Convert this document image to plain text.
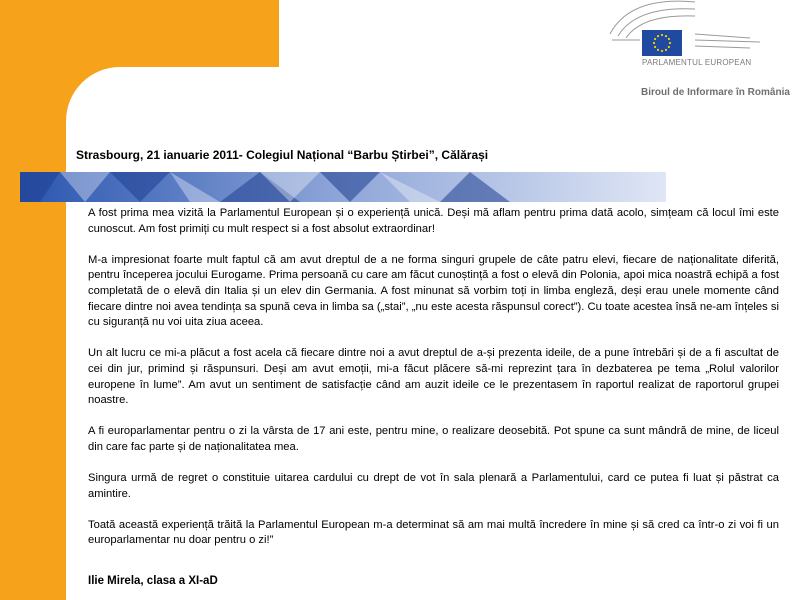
PARLAMENTUL EUROPEAN
Biroul de Informare în România
Strasbourg, 21 ianuarie 2011- Colegiul Național “Barbu Știrbei”, Călărași

A fost prima mea vizită la Parlamentul European și o experiență unică. Deși mă aflam pentru prima dată acolo, simțeam că locul îmi este cunoscut. Am fost primiți cu mult respect si a fost absolut extraordinar!

M-a impresionat foarte mult faptul că am avut dreptul de a ne forma singuri grupele de câte patru elevi, fiecare de naționalitate diferită, pentru începerea jocului Eurogame. Prima persoană cu care am făcut cunoștință a fost o elevă din Polonia, apoi mica noastră echipă a fost completată de o elevă din Italia și un elev din Germania. A fost minunat să vorbim toți in limba engleză, deși erau unele momente când fiecare dintre noi avea tendința sa spună ceva in limba sa („stai”, „nu este acesta răspunsul corect”). Cu toate acestea însă ne-am înțeles si cu siguranță nu voi uita ziua aceea.

Un alt lucru ce mi-a plăcut a fost acela că fiecare dintre noi a avut dreptul de a-și prezenta ideile, de a pune întrebări și de a fi ascultat de cei din jur, primind și răspunsuri. Deși am avut emoții, mi-a făcut plăcere să-mi reprezint țara în dezbaterea pe tema „Rolul valorilor europene în lume”. Am avut un sentiment de satisfacție când am auzit ideile ce le prezentasem în raportul realizat de raportorul grupei noastre.

A fi europarlamentar pentru o zi la vârsta de 17 ani este, pentru mine, o realizare deosebită. Pot spune ca sunt mândră de mine, de liceul din care fac parte și de naționalitatea mea.

Singura urmă de regret o constituie uitarea cardului cu drept de vot în sala plenară a Parlamentului, card ce putea fi luat și păstrat ca amintire.

Toată această experiență trăită la Parlamentul European m-a determinat să am mai multă încredere în mine și să cred ca într-o zi voi fi un europarlamentar nu doar pentru o zi!”

Ilie Mirela, clasa a XI-aD
